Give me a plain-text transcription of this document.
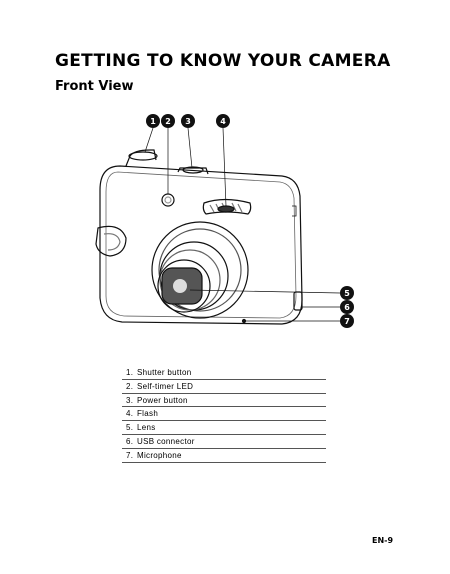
GETTING TO KNOW YOUR CAMERA
Front View
1 2 3	4
5
6
7
1. Shutter button
2. Self-timer LED
3. Power button
4. Flash
5. Lens
6. USB connector
7. Microphone
EN-9
